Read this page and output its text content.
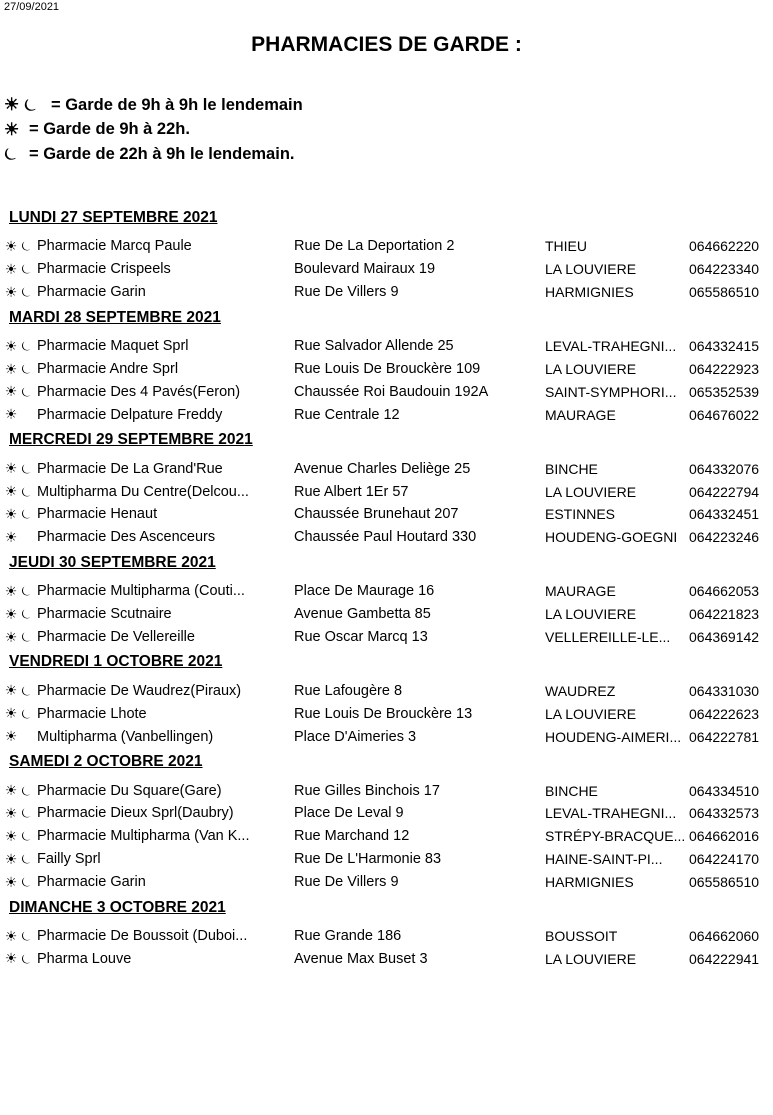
27/09/2021
PHARMACIES DE GARDE :
☀ ⏾ = Garde de 9h à 9h le lendemain
☀ = Garde de 9h à 22h.
⏾ = Garde de 22h à 9h le lendemain.
LUNDI 27 SEPTEMBRE 2021
☀ ⏾ Pharmacie Marcq Paule	Rue De La Deportation 2	THIEU	064662220
☀ ⏾ Pharmacie Crispeels	Boulevard Mairaux 19	LA LOUVIERE	064223340
☀ ⏾ Pharmacie Garin	Rue De Villers 9	HARMIGNIES	065586510
MARDI 28 SEPTEMBRE 2021
☀ ⏾ Pharmacie Maquet Sprl	Rue Salvador Allende 25	LEVAL-TRAHEGNI... 064332415
☀ ⏾ Pharmacie Andre Sprl	Rue Louis De Brouckère 109	LA LOUVIERE	064222923
☀ ⏾ Pharmacie Des 4 Pavés(Feron)	Chaussée Roi Baudouin 192A	SAINT-SYMPHORI... 065352539
☀ Pharmacie Delpature Freddy	Rue Centrale 12	MAURAGE	064676022
MERCREDI 29 SEPTEMBRE 2021
☀ ⏾ Pharmacie De La Grand'Rue	Avenue Charles Deliège 25	BINCHE	064332076
☀ ⏾ Multipharma Du Centre(Delcou...	Rue Albert 1Er 57	LA LOUVIERE	064222794
☀ ⏾ Pharmacie Henaut	Chaussée Brunehaut 207	ESTINNES	064332451
☀ Pharmacie Des Ascenceurs	Chaussée Paul Houtard 330	HOUDENG-GOEGNI 064223246
JEUDI 30 SEPTEMBRE 2021
☀ ⏾ Pharmacie Multipharma (Couti...	Place De Maurage 16	MAURAGE	064662053
☀ ⏾ Pharmacie Scutnaire	Avenue Gambetta 85	LA LOUVIERE	064221823
☀ ⏾ Pharmacie De Vellereille	Rue Oscar Marcq 13	VELLEREILLE-LE...	064369142
VENDREDI 1 OCTOBRE 2021
☀ ⏾ Pharmacie De Waudrez(Piraux)	Rue Lafougère 8	WAUDREZ	064331030
☀ ⏾ Pharmacie Lhote	Rue Louis De Brouckère 13	LA LOUVIERE	064222623
☀ Multipharma (Vanbellingen)	Place D'Aimeries 3	HOUDENG-AIMERI... 064222781
SAMEDI 2 OCTOBRE 2021
☀ ⏾ Pharmacie Du Square(Gare)	Rue Gilles Binchois 17	BINCHE	064334510
☀ ⏾ Pharmacie Dieux Sprl(Daubry)	Place De Leval 9	LEVAL-TRAHEGNI... 064332573
☀ ⏾ Pharmacie Multipharma (Van K...	Rue Marchand 12	STRÉPY-BRACQUE... 064662016
☀ ⏾ Failly Sprl	Rue De L'Harmonie 83	HAINE-SAINT-PI...	064224170
☀ ⏾ Pharmacie Garin	Rue De Villers 9	HARMIGNIES	065586510
DIMANCHE 3 OCTOBRE 2021
☀ ⏾ Pharmacie De Boussoit (Duboi...	Rue Grande 186	BOUSSOIT	064662060
☀ ⏾ Pharma Louve	Avenue Max Buset 3	LA LOUVIERE	064222941
